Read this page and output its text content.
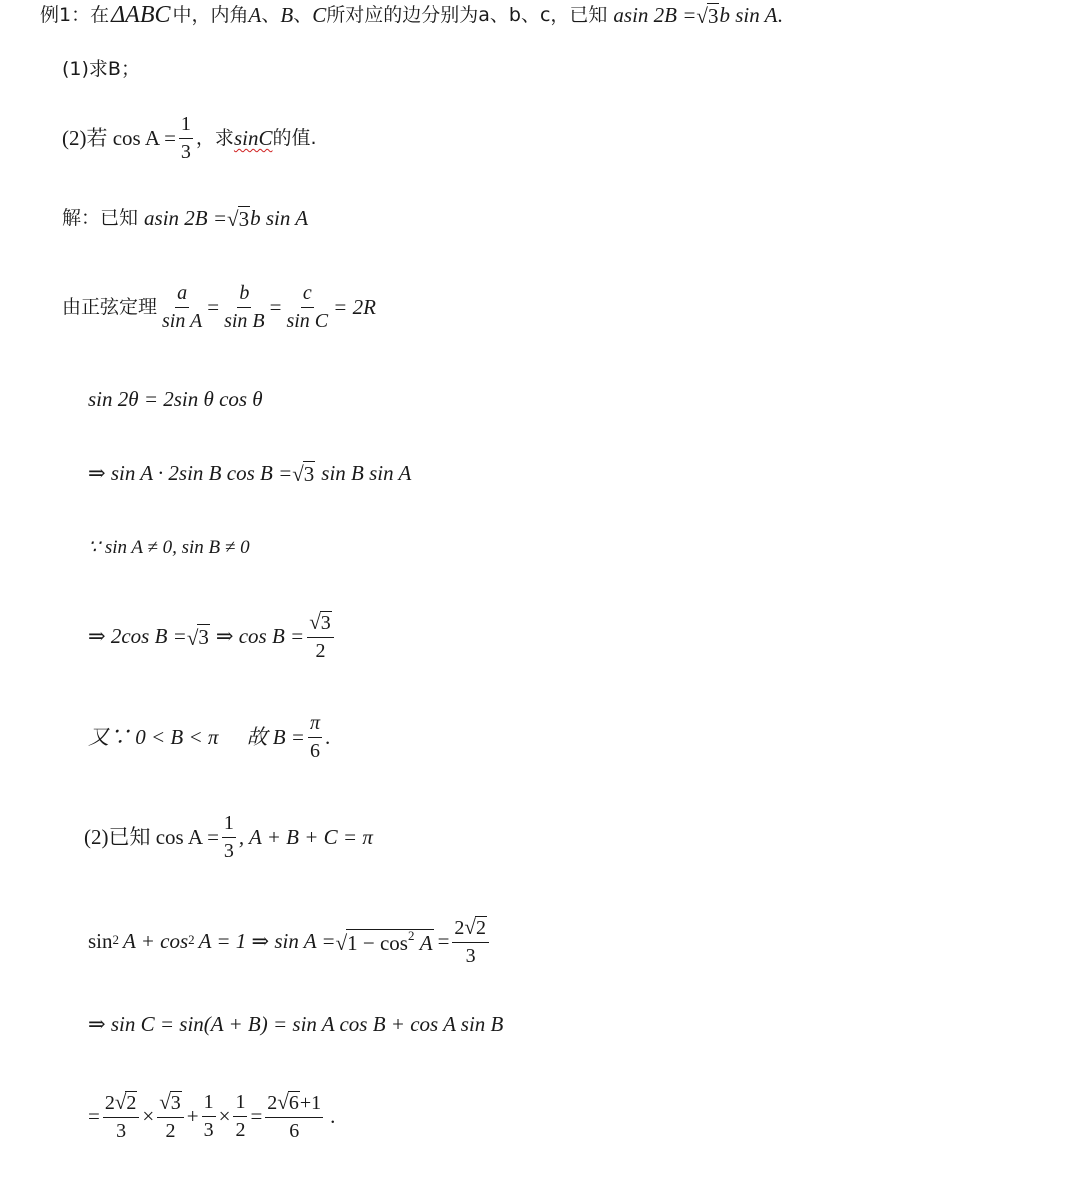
例1：在 ΔABC 中，内角 A 、 B 、 C 所对应的边分别为a、b、c，已知 asin 2B = √ 3 b sin A .
(1)求B；
(2)若 $\cos A = \frac{1}{3}$ ，求 sinC 的值.
解：已知 asin 2B = √ 3 b sin A
由正弦定理 $\frac{a}{\text{sin A}} = \frac{b}{\text{sin B}} = \frac{c}{\text{sin C}} = 2R$
sin 2θ = 2sin θ cos θ
⇒ sin A · 2sin B cos B = √ 3 sin B sin A
∵ sin A ≠ 0, sin B ≠ 0
⇒ 2cos B = √ 3 ⇒ $\cos B = \frac{√ 3}{2}$
又∵ 0 < B < π 故 $B = \frac{\pi}{6}$ .
(2)已知 $\cos A = \frac{1}{3}$ , A + B + C = π
sin 2 A + cos 2 A = 1 ⇒ sin A = √ $1 - \cos^2 A = \frac{2 √ 2}{3}$
⇒ sin C = sin(A + B) = sin A cos B + cos A sin B
= $\frac{2 √ 2}{3} \times \frac{√ 3}{2} + \frac{1}{3} \times \frac{1}{2} = \frac{2 √ 6 +1}{6}$ .
